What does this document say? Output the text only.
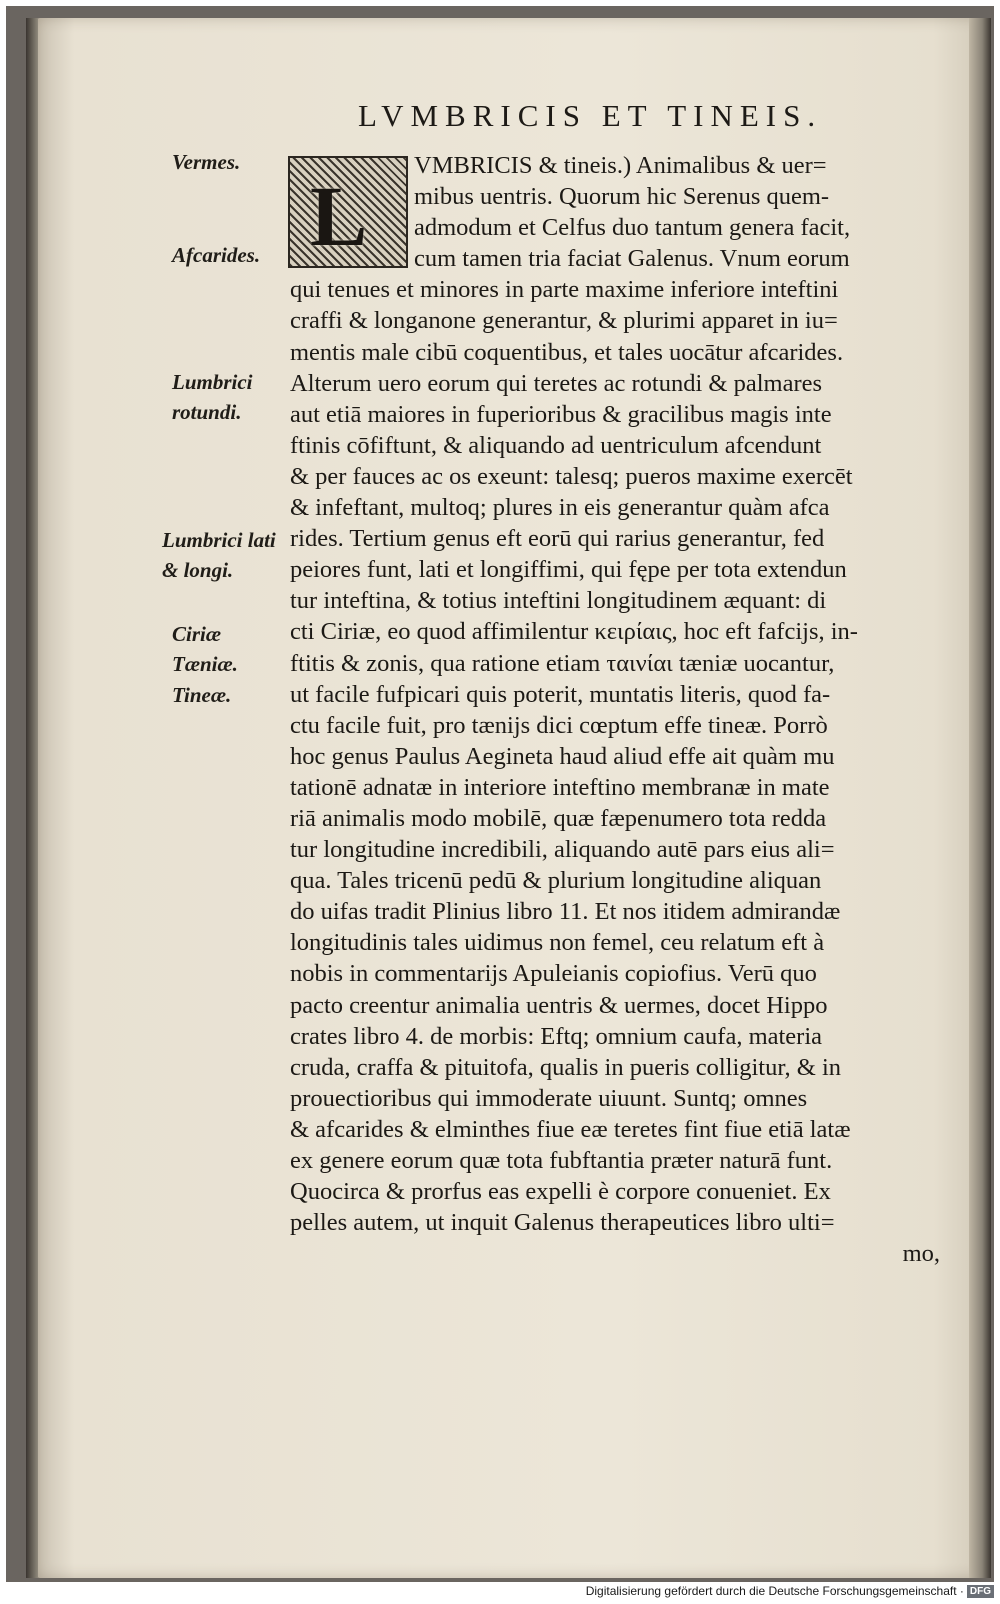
LVMBRICIS ET TINEIS.
Vermes.
Afcarides.
Lumbrici
rotundi.
Lumbrici lati
& longi.
Ciriæ
Tæniæ.
Tineæ.
L
VMBRICIS & tineis.) Animalibus & uer=
mibus uentris. Quorum hic Serenus quem-
admodum et Celfus duo tantum genera facit,
cum tamen tria faciat Galenus. Vnum eorum
qui tenues et minores in parte maxime inferiore inteftini
craffi & longanone generantur, & plurimi apparet in iu=
mentis male cibū coquentibus, et tales uocātur afcarides.
Alterum uero eorum qui teretes ac rotundi & palmares
aut etiā maiores in fuperioribus & gracilibus magis inte
ftinis cōfiftunt, & aliquando ad uentriculum afcendunt
& per fauces ac os exeunt: talesq; pueros maxime exercēt
& infeftant, multoq; plures in eis generantur quàm afca
rides. Tertium genus eft eorū qui rarius generantur, fed
peiores funt, lati et longiffimi, qui fępe per tota extendun
tur inteftina, & totius inteftini longitudinem æquant: di
cti Ciriæ, eo quod affimilentur κειρίαις, hoc eft fafcijs, in-
ftitis & zonis, qua ratione etiam ταινίαι tæniæ uocantur,
ut facile fufpicari quis poterit, muntatis literis, quod fa-
ctu facile fuit, pro tænijs dici cœptum effe tineæ. Porrò
hoc genus Paulus Aegineta haud aliud effe ait quàm mu
tationē adnatæ in interiore inteftino membranæ in mate
riā animalis modo mobilē, quæ fæpenumero tota redda
tur longitudine incredibili, aliquando autē pars eius ali=
qua. Tales tricenū pedū & plurium longitudine aliquan
do uifas tradit Plinius libro 11. Et nos itidem admirandæ
longitudinis tales uidimus non femel, ceu relatum eft à
nobis in commentarijs Apuleianis copiofius. Verū quo
pacto creentur animalia uentris & uermes, docet Hippo
crates libro 4. de morbis: Eftq; omnium caufa, materia
cruda, craffa & pituitofa, qualis in pueris colligitur, & in
prouectioribus qui immoderate uiuunt. Suntq; omnes
& afcarides & elminthes fiue eæ teretes fint fiue etiā latæ
ex genere eorum quæ tota fubftantia præter naturā funt.
Quocirca & prorfus eas expelli è corpore conueniet. Ex
pelles autem, ut inquit Galenus therapeutices libro ulti=
mo,
Digitalisierung gefördert durch die Deutsche Forschungsgemeinschaft · DFG
